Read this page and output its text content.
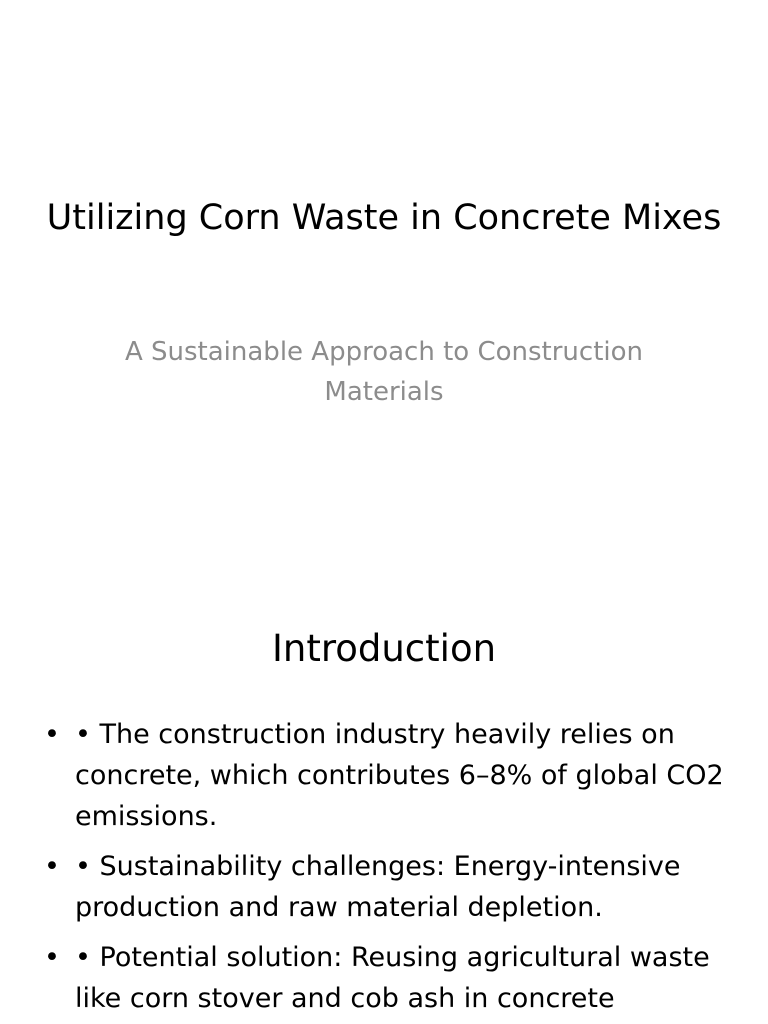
Utilizing Corn Waste in Concrete Mixes
A Sustainable Approach to Construction Materials
Introduction
• • The construction industry heavily relies on concrete, which contributes 6–8% of global CO2 emissions.
• • Sustainability challenges: Energy-intensive production and raw material depletion.
• • Potential solution: Reusing agricultural waste like corn stover and cob ash in concrete
